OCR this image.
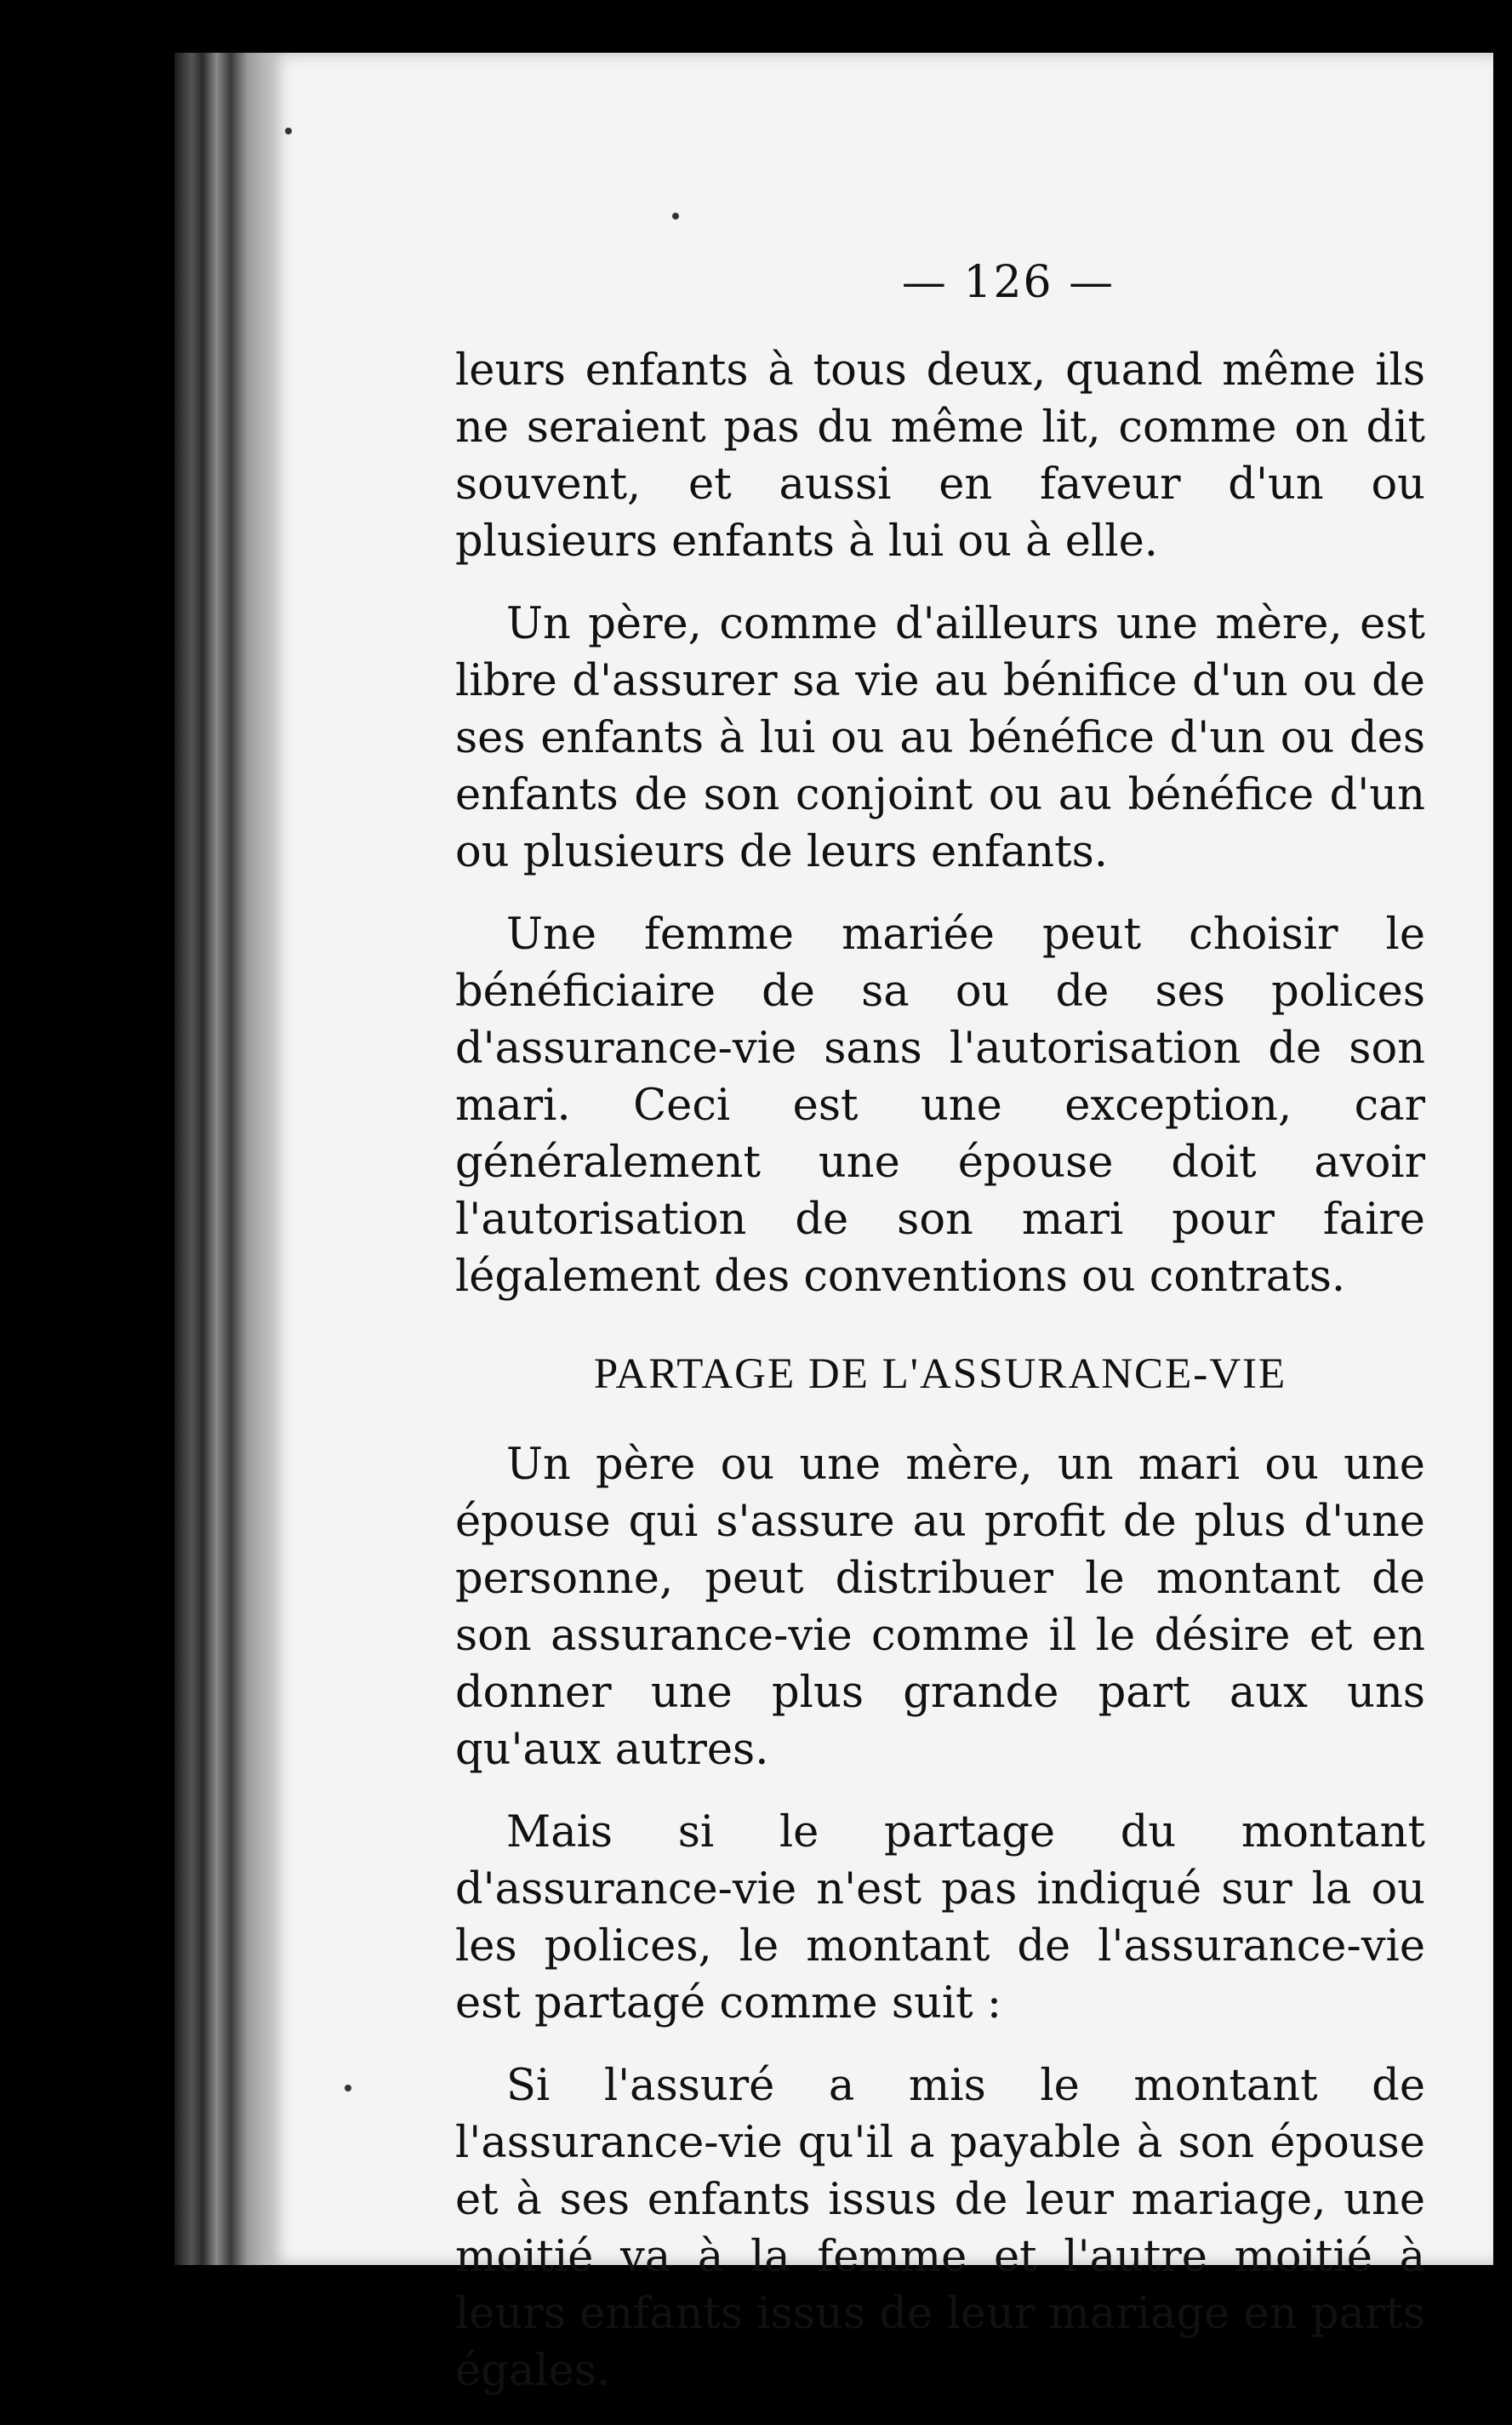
— 126 —

leurs enfants à tous deux, quand même ils ne seraient pas du même lit, comme on dit souvent, et aussi en faveur d'un ou plusieurs enfants à lui ou à elle.

Un père, comme d'ailleurs une mère, est libre d'assurer sa vie au bénifice d'un ou de ses enfants à lui ou au bénéfice d'un ou des enfants de son conjoint ou au bénéfice d'un ou plusieurs de leurs enfants.

Une femme mariée peut choisir le bénéficiaire de sa ou de ses polices d'assurance-vie sans l'autorisation de son mari. Ceci est une exception, car généralement une épouse doit avoir l'autorisation de son mari pour faire légalement des conventions ou contrats.

PARTAGE DE L'ASSURANCE-VIE

Un père ou une mère, un mari ou une épouse qui s'assure au profit de plus d'une personne, peut distribuer le montant de son assurance-vie comme il le désire et en donner une plus grande part aux uns qu'aux autres.

Mais si le partage du montant d'assurance-vie n'est pas indiqué sur la ou les polices, le montant de l'assurance-vie est partagé comme suit :

Si l'assuré a mis le montant de l'assurance-vie qu'il a payable à son épouse et à ses enfants issus de leur mariage, une moitié va à la femme et l'autre moitié à leurs enfants issus de leur mariage en parts égales.
